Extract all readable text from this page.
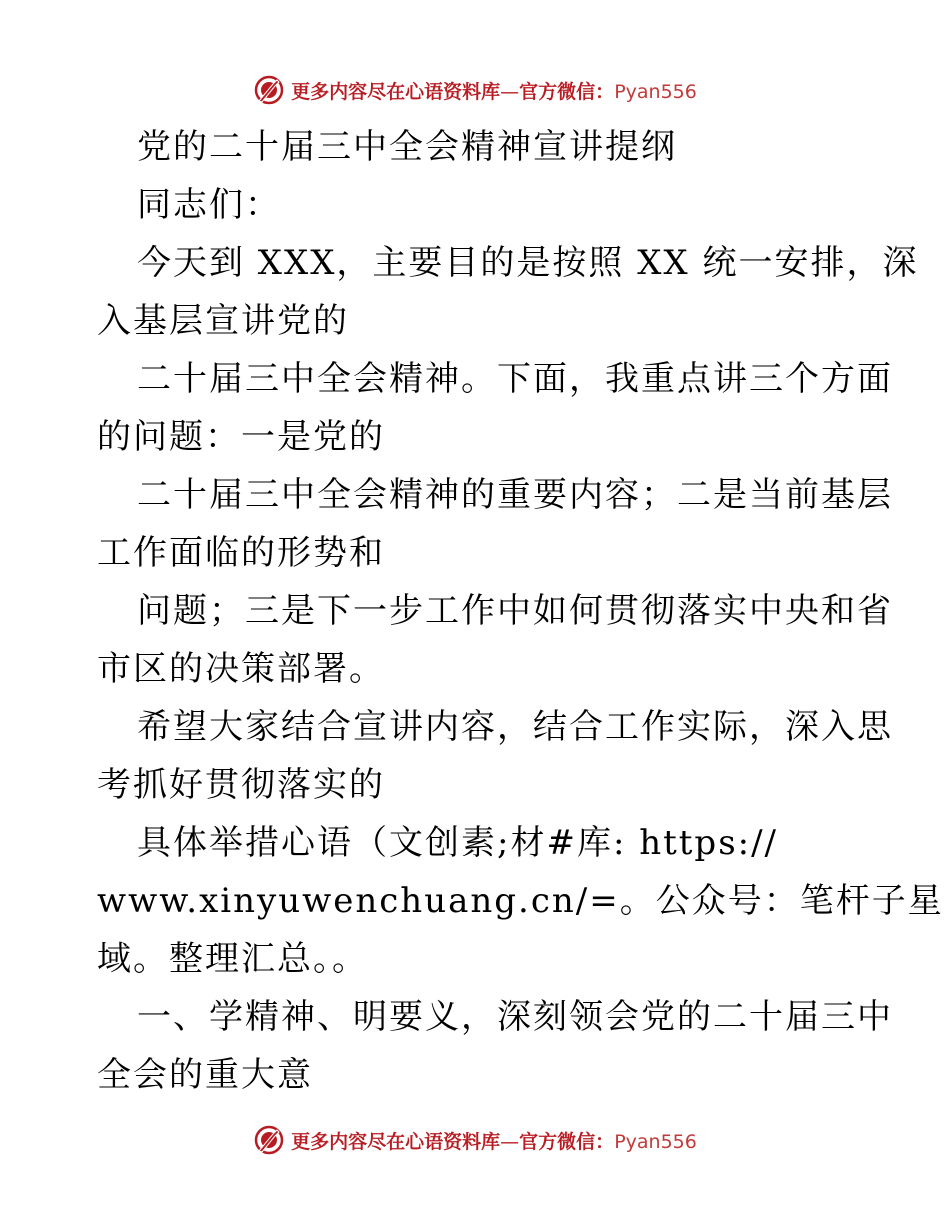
更多内容尽在心语资料库—官方微信：Pyan556
党的二十届三中全会精神宣讲提纲
同志们：
今天到 XXX，主要目的是按照 XX 统一安排，深
入基层宣讲党的
二十届三中全会精神。下面，我重点讲三个方面
的问题：一是党的
二十届三中全会精神的重要内容；二是当前基层
工作面临的形势和
问题；三是下一步工作中如何贯彻落实中央和省
市区的决策部署。
希望大家结合宣讲内容，结合工作实际，深入思
考抓好贯彻落实的
具体举措心语（文创素;材#库: https://
www.xinyuwenchuang.cn/=。公众号：笔杆子星
域。整理汇总。。
一、学精神、明要义，深刻领会党的二十届三中
全会的重大意
更多内容尽在心语资料库—官方微信：Pyan556
